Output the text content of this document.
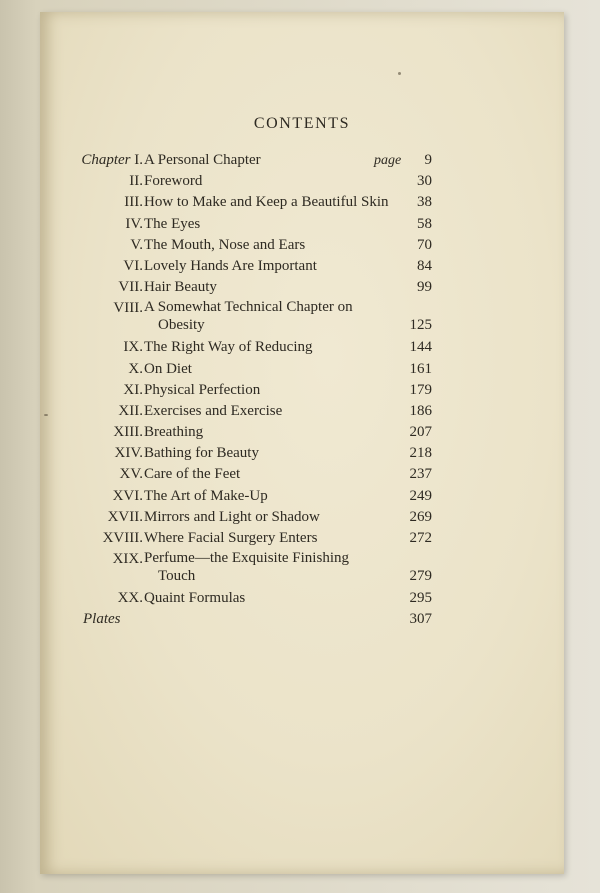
CONTENTS
Chapter I. A Personal Chapter	page 9
II. Foreword	30
III. How to Make and Keep a Beautiful Skin	38
IV. The Eyes	58
V. The Mouth, Nose and Ears	70
VI. Lovely Hands Are Important	84
VII. Hair Beauty	99
VIII. A Somewhat Technical Chapter on
Obesity	125
IX. The Right Way of Reducing	144
X. On Diet	161
XI. Physical Perfection	179
XII. Exercises and Exercise	186
XIII. Breathing	207
XIV. Bathing for Beauty	218
XV. Care of the Feet	237
XVI. The Art of Make-Up	249
XVII. Mirrors and Light or Shadow	269
XVIII. Where Facial Surgery Enters	272
XIX. Perfume—the Exquisite Finishing
Touch	279
XX. Quaint Formulas	295
Plates	307
